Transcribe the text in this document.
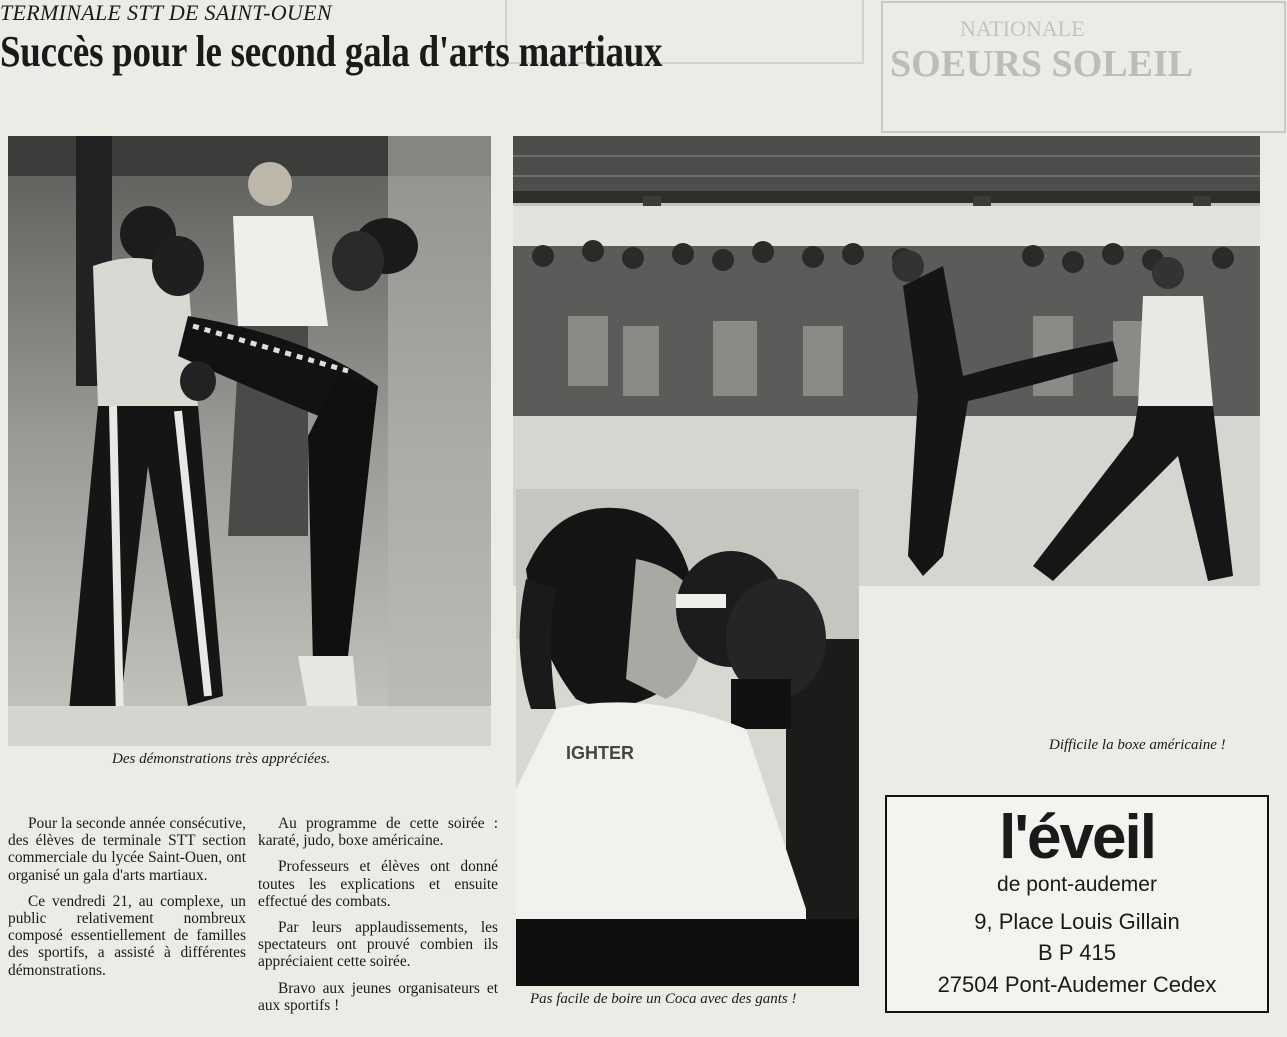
NATIONALE
SOEURS SOLEIL
TERMINALE STT DE SAINT-OUEN
Succès pour le second gala d'arts martiaux
Des démonstrations très appréciées.
Difficile la boxe américaine !
IGHTER
Pas facile de boire un Coca avec des gants !

Pour la seconde année consécutive, des élèves de terminale STT section commerciale du lycée Saint-Ouen, ont organisé un gala d'arts martiaux.

Ce vendredi 21, au complexe, un public relativement nombreux composé essentiellement de familles des sportifs, a assisté à différentes démonstrations.

Au programme de cette soirée : karaté, judo, boxe américaine.

Professeurs et élèves ont donné toutes les explications et ensuite effectué des combats.

Par leurs applaudissements, les spectateurs ont prouvé combien ils appréciaient cette soirée.

Bravo aux jeunes organisateurs et aux sportifs !

l'éveil
de pont-audemer
9, Place Louis Gillain
B P 415
27504 Pont-Audemer Cedex
